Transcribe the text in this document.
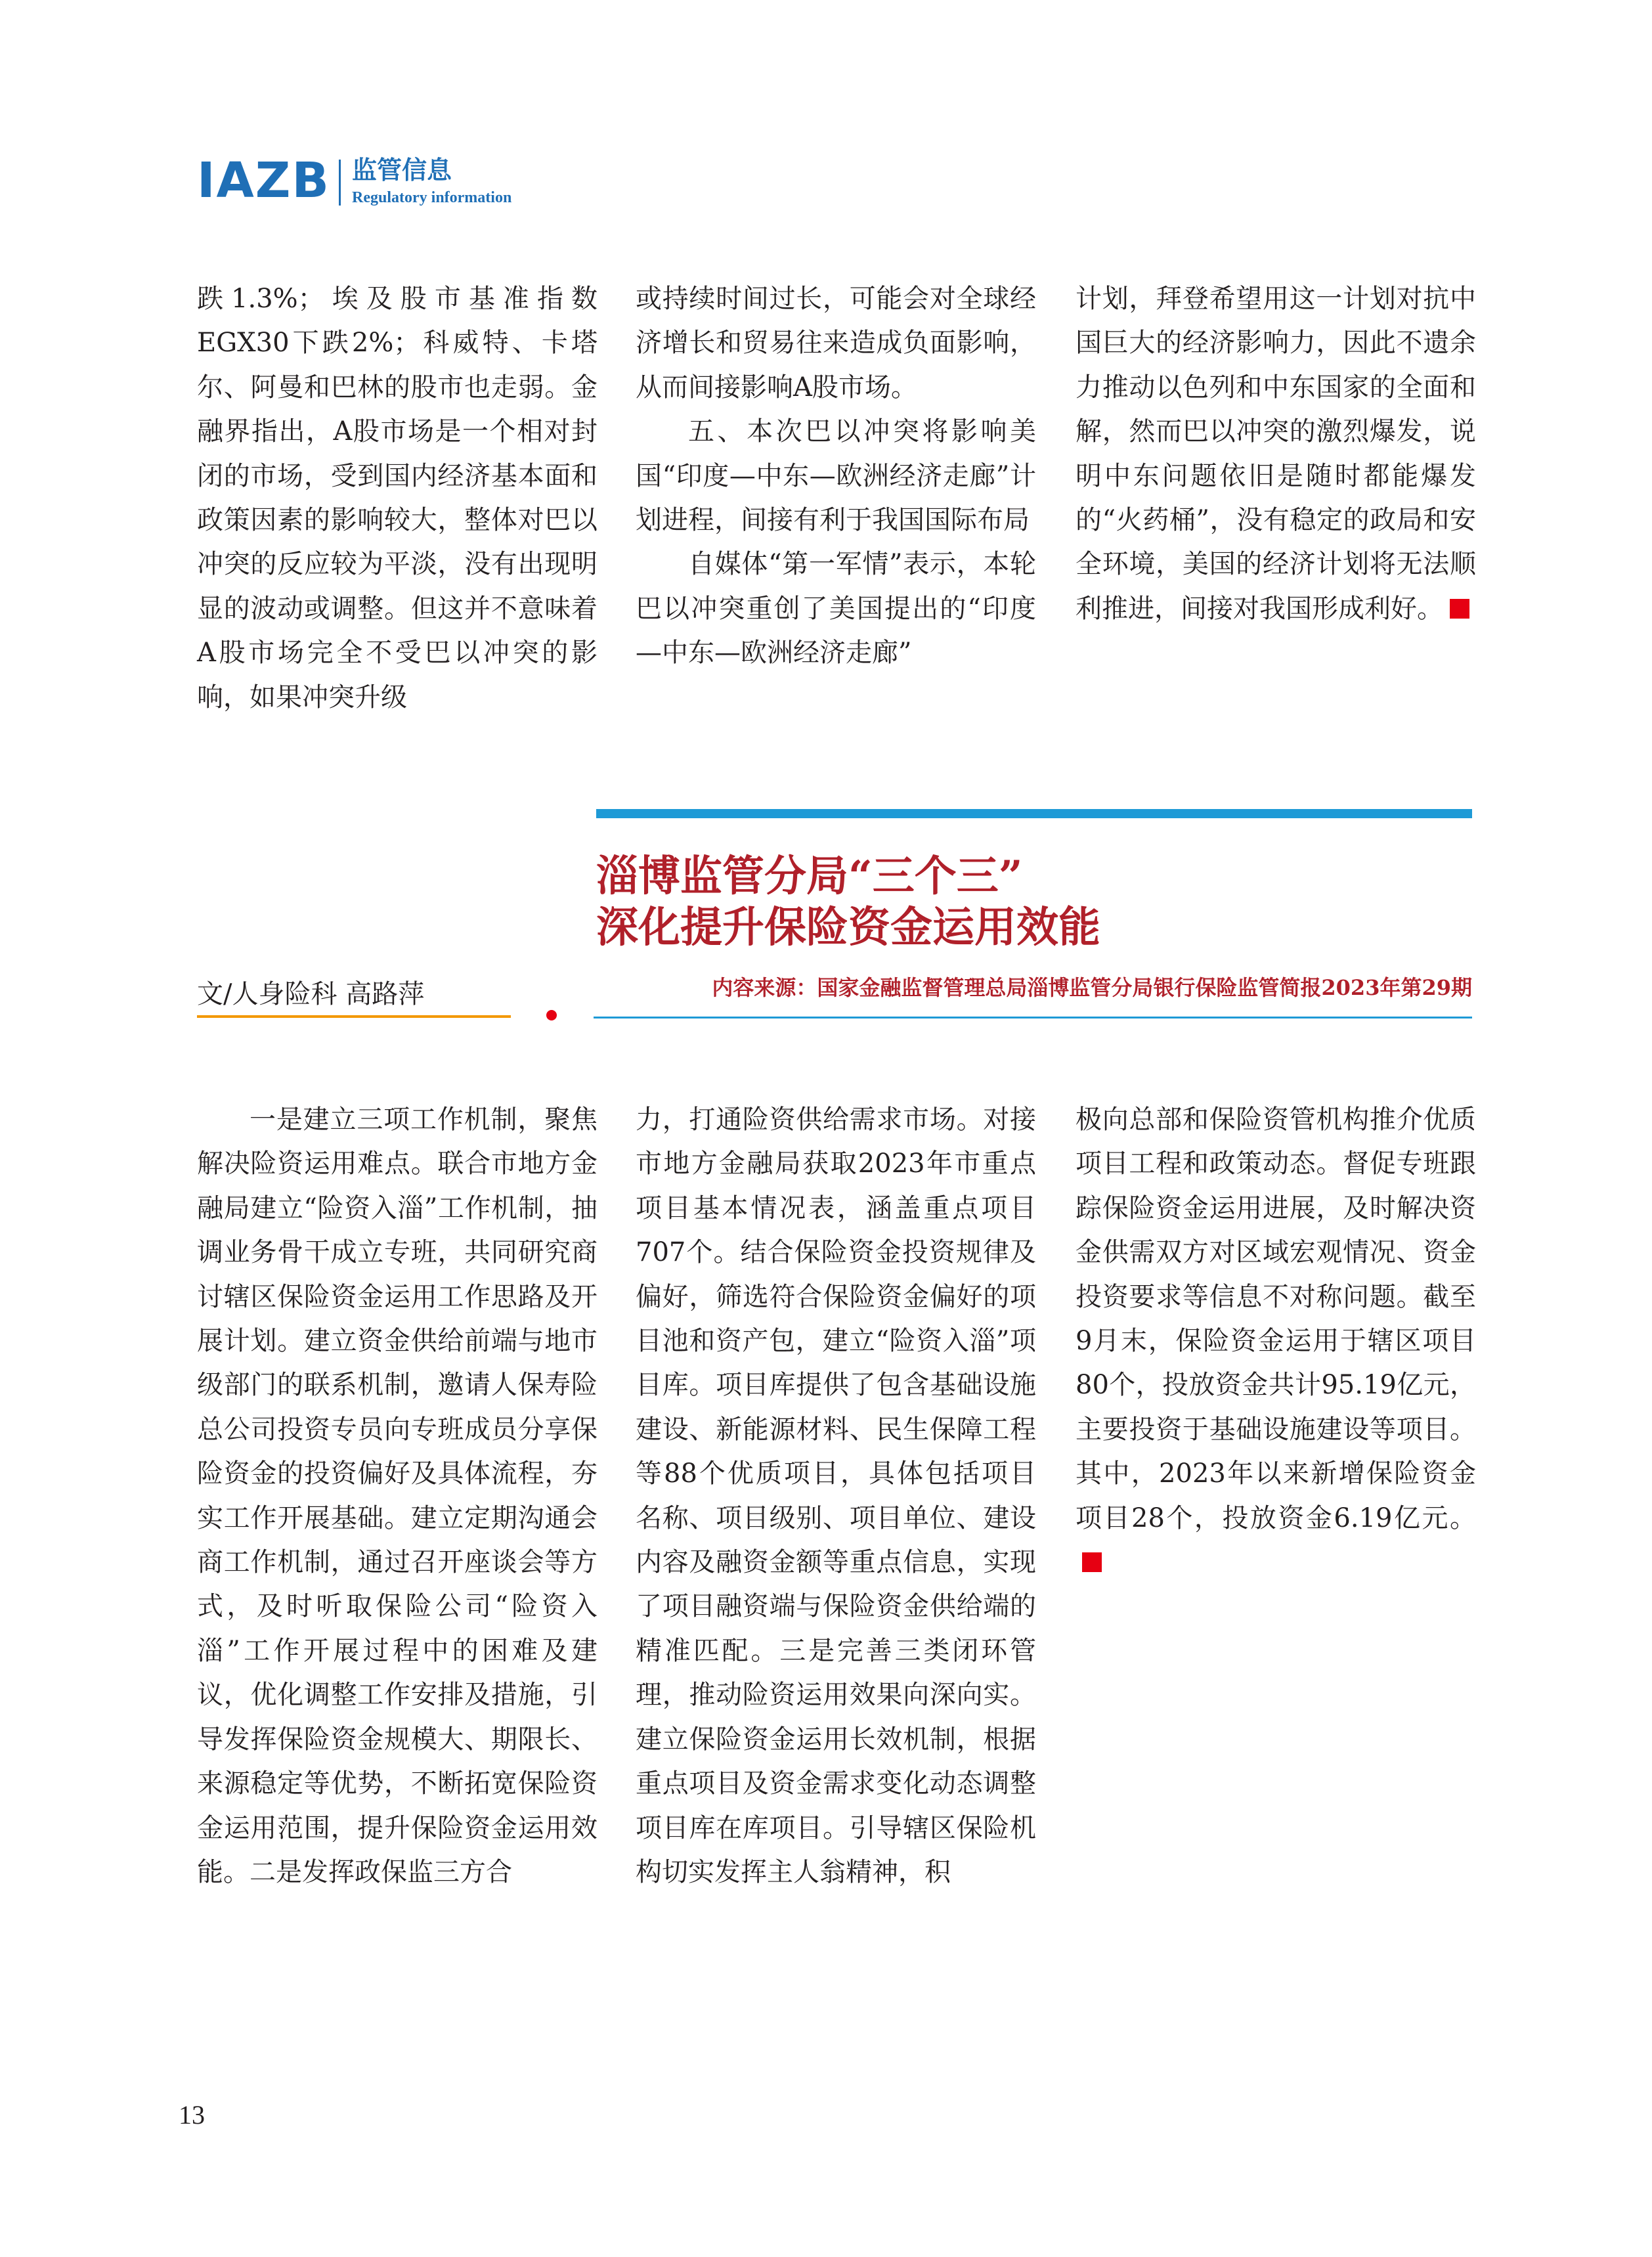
IAZB 监管信息
Regulatory information

跌1.3%；埃及股市基准指数EGX30下跌2%；科威特、卡塔尔、阿曼和巴林的股市也走弱。金融界指出，A股市场是一个相对封闭的市场，受到国内经济基本面和政策因素的影响较大，整体对巴以冲突的反应较为平淡，没有出现明显的波动或调整。但这并不意味着A股市场完全不受巴以冲突的影响，如果冲突升级

或持续时间过长，可能会对全球经济增长和贸易往来造成负面影响，从而间接影响A股市场。

五、本次巴以冲突将影响美国“印度—中东—欧洲经济走廊”计划进程，间接有利于我国国际布局

自媒体“第一军情”表示，本轮巴以冲突重创了美国提出的“印度—中东—欧洲经济走廊”

计划，拜登希望用这一计划对抗中国巨大的经济影响力，因此不遗余力推动以色列和中东国家的全面和解，然而巴以冲突的激烈爆发，说明中东问题依旧是随时都能爆发的“火药桶”，没有稳定的政局和安全环境，美国的经济计划将无法顺利推进，间接对我国形成利好。

淄博监管分局“三个三”
深化提升保险资金运用效能
文/人身险科 高路萍	内容来源：国家金融监督管理总局淄博监管分局银行保险监管简报2023年第29期

一是建立三项工作机制，聚焦解决险资运用难点。联合市地方金融局建立“险资入淄”工作机制，抽调业务骨干成立专班，共同研究商讨辖区保险资金运用工作思路及开展计划。建立资金供给前端与地市级部门的联系机制，邀请人保寿险总公司投资专员向专班成员分享保险资金的投资偏好及具体流程，夯实工作开展基础。建立定期沟通会商工作机制，通过召开座谈会等方式，及时听取保险公司“险资入淄”工作开展过程中的困难及建议，优化调整工作安排及措施，引导发挥保险资金规模大、期限长、来源稳定等优势，不断拓宽保险资金运用范围，提升保险资金运用效能。二是发挥政保监三方合

力，打通险资供给需求市场。对接市地方金融局获取2023年市重点项目基本情况表，涵盖重点项目707个。结合保险资金投资规律及偏好，筛选符合保险资金偏好的项目池和资产包，建立“险资入淄”项目库。项目库提供了包含基础设施建设、新能源材料、民生保障工程等88个优质项目，具体包括项目名称、项目级别、项目单位、建设内容及融资金额等重点信息，实现了项目融资端与保险资金供给端的精准匹配。三是完善三类闭环管理，推动险资运用效果向深向实。建立保险资金运用长效机制，根据重点项目及资金需求变化动态调整项目库在库项目。引导辖区保险机构切实发挥主人翁精神，积

极向总部和保险资管机构推介优质项目工程和政策动态。督促专班跟踪保险资金运用进展，及时解决资金供需双方对区域宏观情况、资金投资要求等信息不对称问题。截至9月末，保险资金运用于辖区项目80个，投放资金共计95.19亿元，主要投资于基础设施建设等项目。其中，2023年以来新增保险资金项目28个，投放资金6.19亿元。

13
